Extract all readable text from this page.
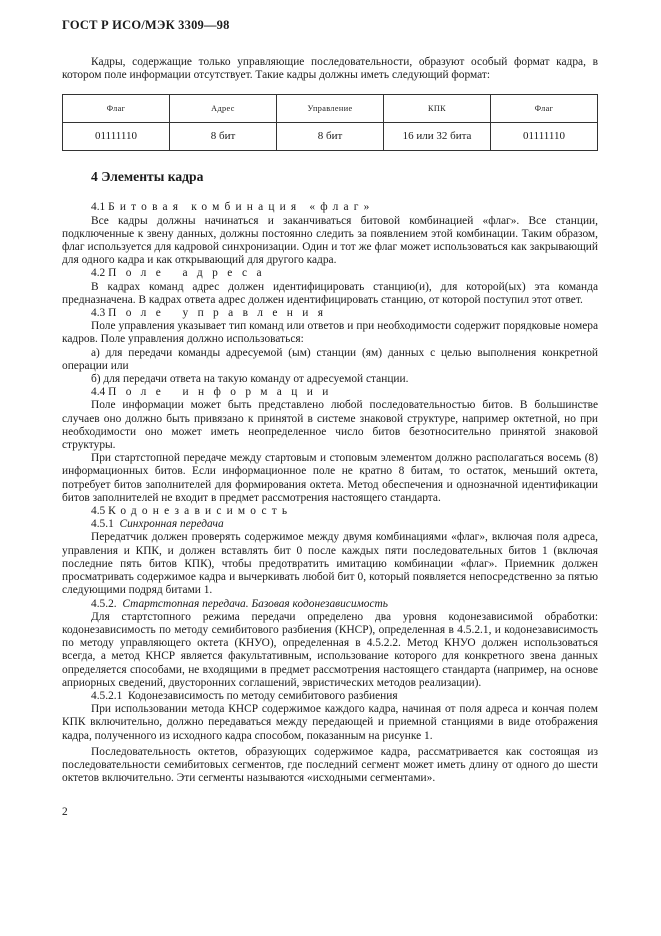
ГОСТ Р ИСО/МЭК 3309—98

Кадры, содержащие только управляющие последовательности, образуют особый формат кадра, в котором поле информации отсутствует. Такие кадры должны иметь следующий формат:

Флаг	Адрес	Управление	КПК	Флаг
01111110	8 бит	8 бит	16 или 32 бита	01111110
4 Элементы кадра

4.1 Битовая комбинация «флаг»

Все кадры должны начинаться и заканчиваться битовой комбинацией «флаг». Все станции, подключенные к звену данных, должны постоянно следить за появлением этой комбинации. Таким образом, флаг используется для кадровой синхронизации. Один и тот же флаг может использоваться как закрывающий для одного кадра и как открывающий для другого кадра.

4.2 Поле адреса

В кадрах команд адрес должен идентифицировать станцию(и), для которой(ых) эта команда предназначена. В кадрах ответа адрес должен идентифицировать станцию, от которой поступил этот ответ.

4.3 Поле управления

Поле управления указывает тип команд или ответов и при необходимости содержит порядковые номера кадров. Поле управления должно использоваться:

а) для передачи команды адресуемой (ым) станции (ям) данных с целью выполнения конкретной операции или

б) для передачи ответа на такую команду от адресуемой станции.

4.4 Поле информации

Поле информации может быть представлено любой последовательностью битов. В большинстве случаев оно должно быть привязано к принятой в системе знаковой структуре, например октетной, но при необходимости оно может иметь неопределенное число битов безотносительно принятой знаковой структуры.

При стартстопной передаче между стартовым и стоповым элементом должно располагаться восемь (8) информационных битов. Если информационное поле не кратно 8 битам, то остаток, меньший октета, потребует битов заполнителей для формирования октета. Метод обеспечения и однозначной идентификации битов заполнителей не входит в предмет рассмотрения настоящего стандарта.

4.5 Кодонезависимость

4.5.1 Синхронная передача

Передатчик должен проверять содержимое между двумя комбинациями «флаг», включая поля адреса, управления и КПК, и должен вставлять бит 0 после каждых пяти последовательных битов 1 (включая последние пять битов КПК), чтобы предотвратить имитацию комбинации «флаг». Приемник должен просматривать содержимое кадра и вычеркивать любой бит 0, который появляется непосредственно за пятью следующими подряд битами 1.

4.5.2. Стартстопная передача. Базовая кодонезависимость

Для стартстопного режима передачи определено два уровня кодонезависимой обработки: кодонезависимость по методу семибитового разбиения (КНСР), определенная в 4.5.2.1, и кодонезависимость по методу управляющего октета (КНУО), определенная в 4.5.2.2. Метод КНУО должен использоваться всегда, а метод КНСР является факультативным, использование которого для конкретного звена данных определяется способами, не входящими в предмет рассмотрения настоящего стандарта (например, на основе априорных сведений, двусторонних соглашений, эвристических методов реализации).

4.5.2.1 Кодонезависимость по методу семибитового разбиения

При использовании метода КНСР содержимое каждого кадра, начиная от поля адреса и кончая полем КПК включительно, должно передаваться между передающей и приемной станциями в виде отображения кадра, полученного из исходного кадра способом, показанным на рисунке 1.

Последовательность октетов, образующих содержимое кадра, рассматривается как состоящая из последовательности семибитовых сегментов, где последний сегмент может иметь длину от одного до шести октетов включительно. Эти сегменты называются «исходными сегментами».

2
